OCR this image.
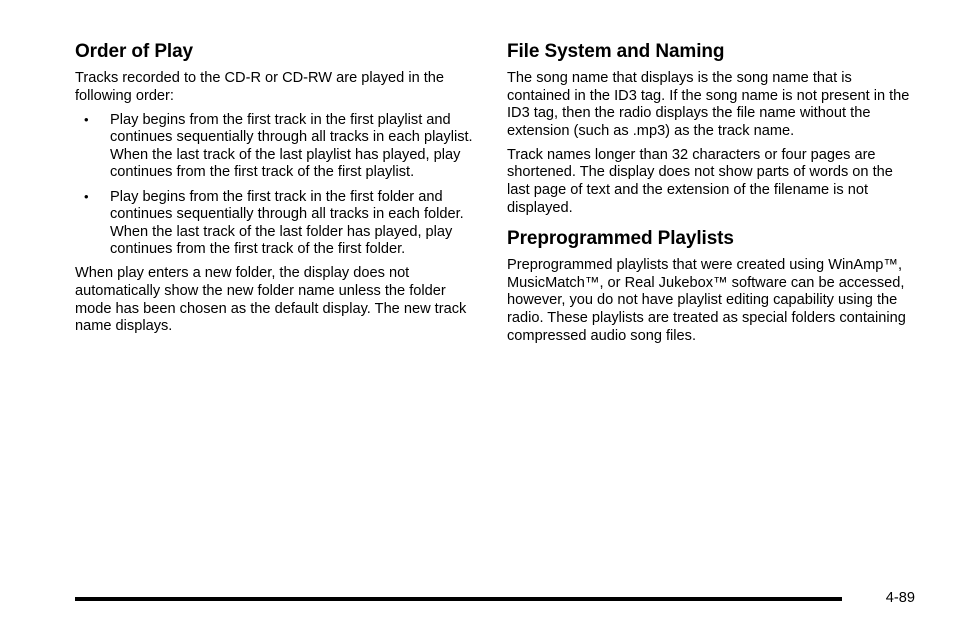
Order of Play

Tracks recorded to the CD-R or CD-RW are played in the following order:

• Play begins from the first track in the first playlist and continues sequentially through all tracks in each playlist. When the last track of the last playlist has played, play continues from the first track of the first playlist.
• Play begins from the first track in the first folder and continues sequentially through all tracks in each folder. When the last track of the last folder has played, play continues from the first track of the first folder.

When play enters a new folder, the display does not automatically show the new folder name unless the folder mode has been chosen as the default display. The new track name displays.

File System and Naming

The song name that displays is the song name that is contained in the ID3 tag. If the song name is not present in the ID3 tag, then the radio displays the file name without the extension (such as .mp3) as the track name.

Track names longer than 32 characters or four pages are shortened. The display does not show parts of words on the last page of text and the extension of the filename is not displayed.

Preprogrammed Playlists

Preprogrammed playlists that were created using WinAmp™, MusicMatch™, or Real Jukebox™ software can be accessed, however, you do not have playlist editing capability using the radio. These playlists are treated as special folders containing compressed audio song files.

4-89
